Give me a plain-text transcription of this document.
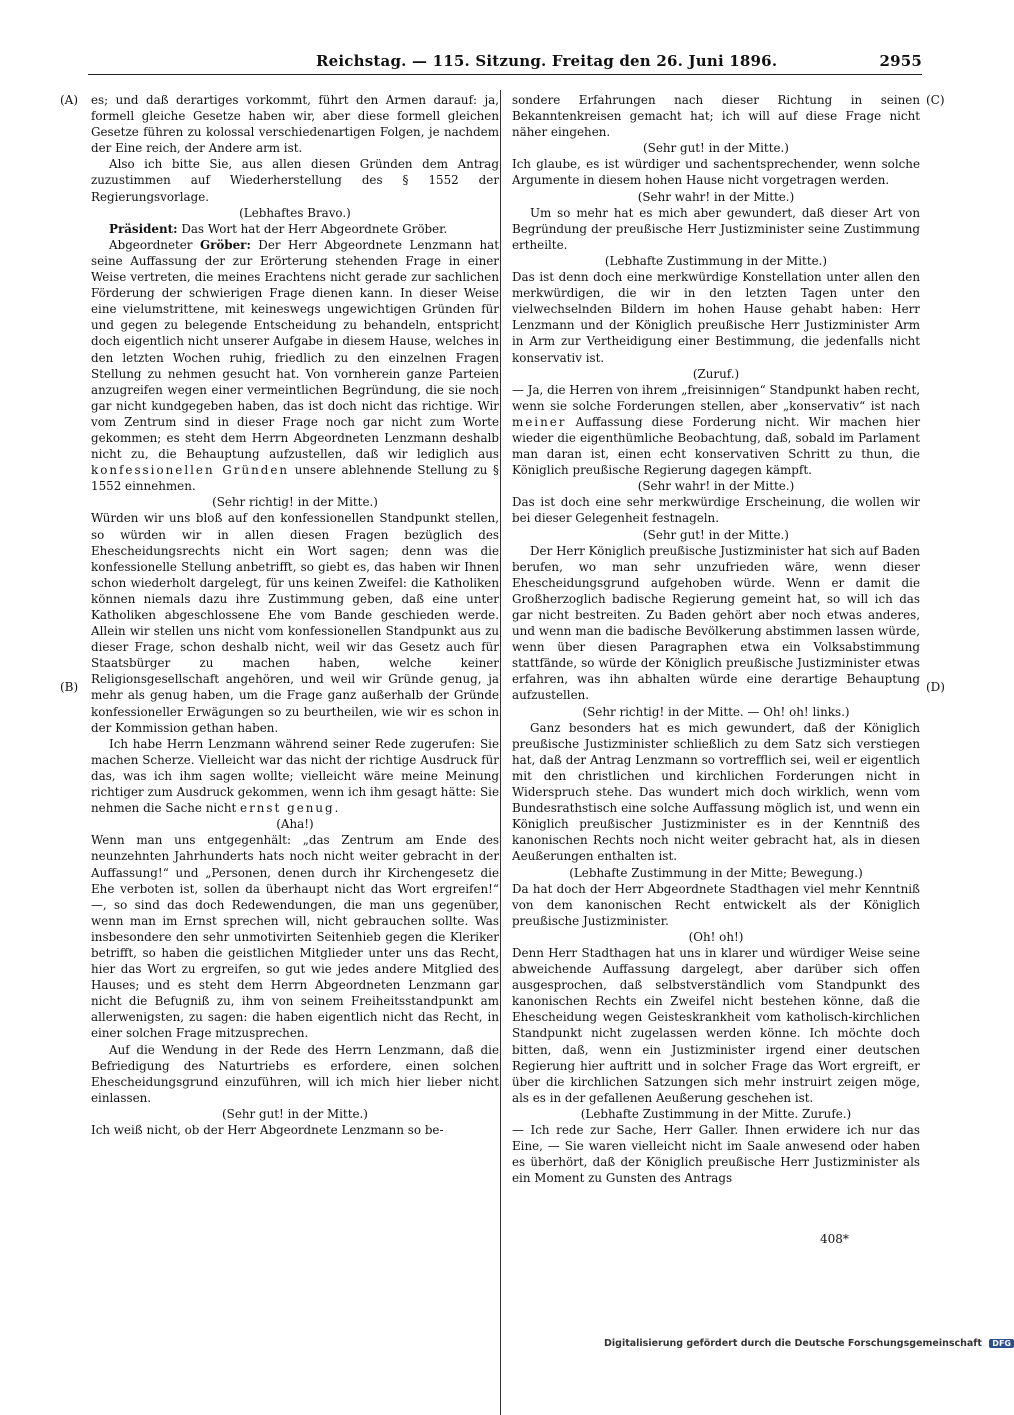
Reichstag. — 115. Sitzung. Freitag den 26. Juni 1896.	2955
(A)
(B)
(C)
(D)

es; und daß derartiges vorkommt, führt den Armen darauf: ja, formell gleiche Gesetze haben wir, aber diese formell gleichen Gesetze führen zu kolossal verschiedenartigen Folgen, je nachdem der Eine reich, der Andere arm ist.

Also ich bitte Sie, aus allen diesen Gründen dem Antrag zuzustimmen auf Wiederherstellung des § 1552 der Regierungsvorlage.

(Lebhaftes Bravo.)

Präsident: Das Wort hat der Herr Abgeordnete Gröber.

Abgeordneter Gröber: Der Herr Abgeordnete Lenzmann hat seine Auffassung der zur Erörterung stehenden Frage in einer Weise vertreten, die meines Erachtens nicht gerade zur sachlichen Förderung der schwierigen Frage dienen kann. In dieser Weise eine vielumstrittene, mit keineswegs ungewichtigen Gründen für und gegen zu belegende Entscheidung zu behandeln, entspricht doch eigentlich nicht unserer Aufgabe in diesem Hause, welches in den letzten Wochen ruhig, friedlich zu den einzelnen Fragen Stellung zu nehmen gesucht hat. Von vornherein ganze Parteien anzugreifen wegen einer vermeintlichen Begründung, die sie noch gar nicht kundgegeben haben, das ist doch nicht das richtige. Wir vom Zentrum sind in dieser Frage noch gar nicht zum Worte gekommen; es steht dem Herrn Abgeordneten Lenzmann deshalb nicht zu, die Behauptung aufzustellen, daß wir lediglich aus konfessionellen Gründen unsere ablehnende Stellung zu § 1552 einnehmen.

(Sehr richtig! in der Mitte.)

Würden wir uns bloß auf den konfessionellen Standpunkt stellen, so würden wir in allen diesen Fragen bezüglich des Ehescheidungsrechts nicht ein Wort sagen; denn was die konfessionelle Stellung anbetrifft, so giebt es, das haben wir Ihnen schon wiederholt dargelegt, für uns keinen Zweifel: die Katholiken können niemals dazu ihre Zustimmung geben, daß eine unter Katholiken abgeschlossene Ehe vom Bande geschieden werde. Allein wir stellen uns nicht vom konfessionellen Standpunkt aus zu dieser Frage, schon deshalb nicht, weil wir das Gesetz auch für Staatsbürger zu machen haben, welche keiner Religionsgesellschaft angehören, und weil wir Gründe genug, ja mehr als genug haben, um die Frage ganz außerhalb der Gründe konfessioneller Erwägungen so zu beurtheilen, wie wir es schon in der Kommission gethan haben.

Ich habe Herrn Lenzmann während seiner Rede zugerufen: Sie machen Scherze. Vielleicht war das nicht der richtige Ausdruck für das, was ich ihm sagen wollte; vielleicht wäre meine Meinung richtiger zum Ausdruck gekommen, wenn ich ihm gesagt hätte: Sie nehmen die Sache nicht ernst genug.

(Aha!)

Wenn man uns entgegenhält: „das Zentrum am Ende des neunzehnten Jahrhunderts hats noch nicht weiter gebracht in der Auffassung!“ und „Personen, denen durch ihr Kirchengesetz die Ehe verboten ist, sollen da überhaupt nicht das Wort ergreifen!“ —, so sind das doch Redewendungen, die man uns gegenüber, wenn man im Ernst sprechen will, nicht gebrauchen sollte. Was insbesondere den sehr unmotivirten Seitenhieb gegen die Kleriker betrifft, so haben die geistlichen Mitglieder unter uns das Recht, hier das Wort zu ergreifen, so gut wie jedes andere Mitglied des Hauses; und es steht dem Herrn Abgeordneten Lenzmann gar nicht die Befugniß zu, ihm von seinem Freiheitsstandpunkt am allerwenigsten, zu sagen: die haben eigentlich nicht das Recht, in einer solchen Frage mitzusprechen.

Auf die Wendung in der Rede des Herrn Lenzmann, daß die Befriedigung des Naturtriebs es erfordere, einen solchen Ehescheidungsgrund einzuführen, will ich mich hier lieber nicht einlassen.

(Sehr gut! in der Mitte.)

Ich weiß nicht, ob der Herr Abgeordnete Lenzmann so be-

sondere Erfahrungen nach dieser Richtung in seinen Bekanntenkreisen gemacht hat; ich will auf diese Frage nicht näher eingehen.

(Sehr gut! in der Mitte.)

Ich glaube, es ist würdiger und sachentsprechender, wenn solche Argumente in diesem hohen Hause nicht vorgetragen werden.

(Sehr wahr! in der Mitte.)

Um so mehr hat es mich aber gewundert, daß dieser Art von Begründung der preußische Herr Justizminister seine Zustimmung ertheilte.

(Lebhafte Zustimmung in der Mitte.)

Das ist denn doch eine merkwürdige Konstellation unter allen den merkwürdigen, die wir in den letzten Tagen unter den vielwechselnden Bildern im hohen Hause gehabt haben: Herr Lenzmann und der Königlich preußische Herr Justizminister Arm in Arm zur Vertheidigung einer Bestimmung, die jedenfalls nicht konservativ ist.

(Zuruf.)

— Ja, die Herren von ihrem „freisinnigen“ Standpunkt haben recht, wenn sie solche Forderungen stellen, aber „konservativ“ ist nach meiner Auffassung diese Forderung nicht. Wir machen hier wieder die eigenthümliche Beobachtung, daß, sobald im Parlament man daran ist, einen echt konservativen Schritt zu thun, die Königlich preußische Regierung dagegen kämpft.

(Sehr wahr! in der Mitte.)

Das ist doch eine sehr merkwürdige Erscheinung, die wollen wir bei dieser Gelegenheit festnageln.

(Sehr gut! in der Mitte.)

Der Herr Königlich preußische Justizminister hat sich auf Baden berufen, wo man sehr unzufrieden wäre, wenn dieser Ehescheidungsgrund aufgehoben würde. Wenn er damit die Großherzoglich badische Regierung gemeint hat, so will ich das gar nicht bestreiten. Zu Baden gehört aber noch etwas anderes, und wenn man die badische Bevölkerung abstimmen lassen würde, wenn über diesen Paragraphen etwa ein Volksabstimmung stattfände, so würde der Königlich preußische Justizminister etwas erfahren, was ihn abhalten würde eine derartige Behauptung aufzustellen.

(Sehr richtig! in der Mitte. — Oh! oh! links.)

Ganz besonders hat es mich gewundert, daß der Königlich preußische Justizminister schließlich zu dem Satz sich verstiegen hat, daß der Antrag Lenzmann so vortrefflich sei, weil er eigentlich mit den christlichen und kirchlichen Forderungen nicht in Widerspruch stehe. Das wundert mich doch wirklich, wenn vom Bundesrathstisch eine solche Auffassung möglich ist, und wenn ein Königlich preußischer Justizminister es in der Kenntniß des kanonischen Rechts noch nicht weiter gebracht hat, als in diesen Aeußerungen enthalten ist.

(Lebhafte Zustimmung in der Mitte; Bewegung.)

Da hat doch der Herr Abgeordnete Stadthagen viel mehr Kenntniß von dem kanonischen Recht entwickelt als der Königlich preußische Justizminister.

(Oh! oh!)

Denn Herr Stadthagen hat uns in klarer und würdiger Weise seine abweichende Auffassung dargelegt, aber darüber sich offen ausgesprochen, daß selbstverständlich vom Standpunkt des kanonischen Rechts ein Zweifel nicht bestehen könne, daß die Ehescheidung wegen Geisteskrankheit vom katholisch-kirchlichen Standpunkt nicht zugelassen werden könne. Ich möchte doch bitten, daß, wenn ein Justizminister irgend einer deutschen Regierung hier auftritt und in solcher Frage das Wort ergreift, er über die kirchlichen Satzungen sich mehr instruirt zeigen möge, als es in der gefallenen Aeußerung geschehen ist.

(Lebhafte Zustimmung in der Mitte. Zurufe.)

— Ich rede zur Sache, Herr Galler. Ihnen erwidere ich nur das Eine, — Sie waren vielleicht nicht im Saale anwesend oder haben es überhört, daß der Königlich preußische Herr Justizminister als ein Moment zu Gunsten des Antrags

408*
Digitalisierung gefördert durch die Deutsche Forschungsgemeinschaft DFG
